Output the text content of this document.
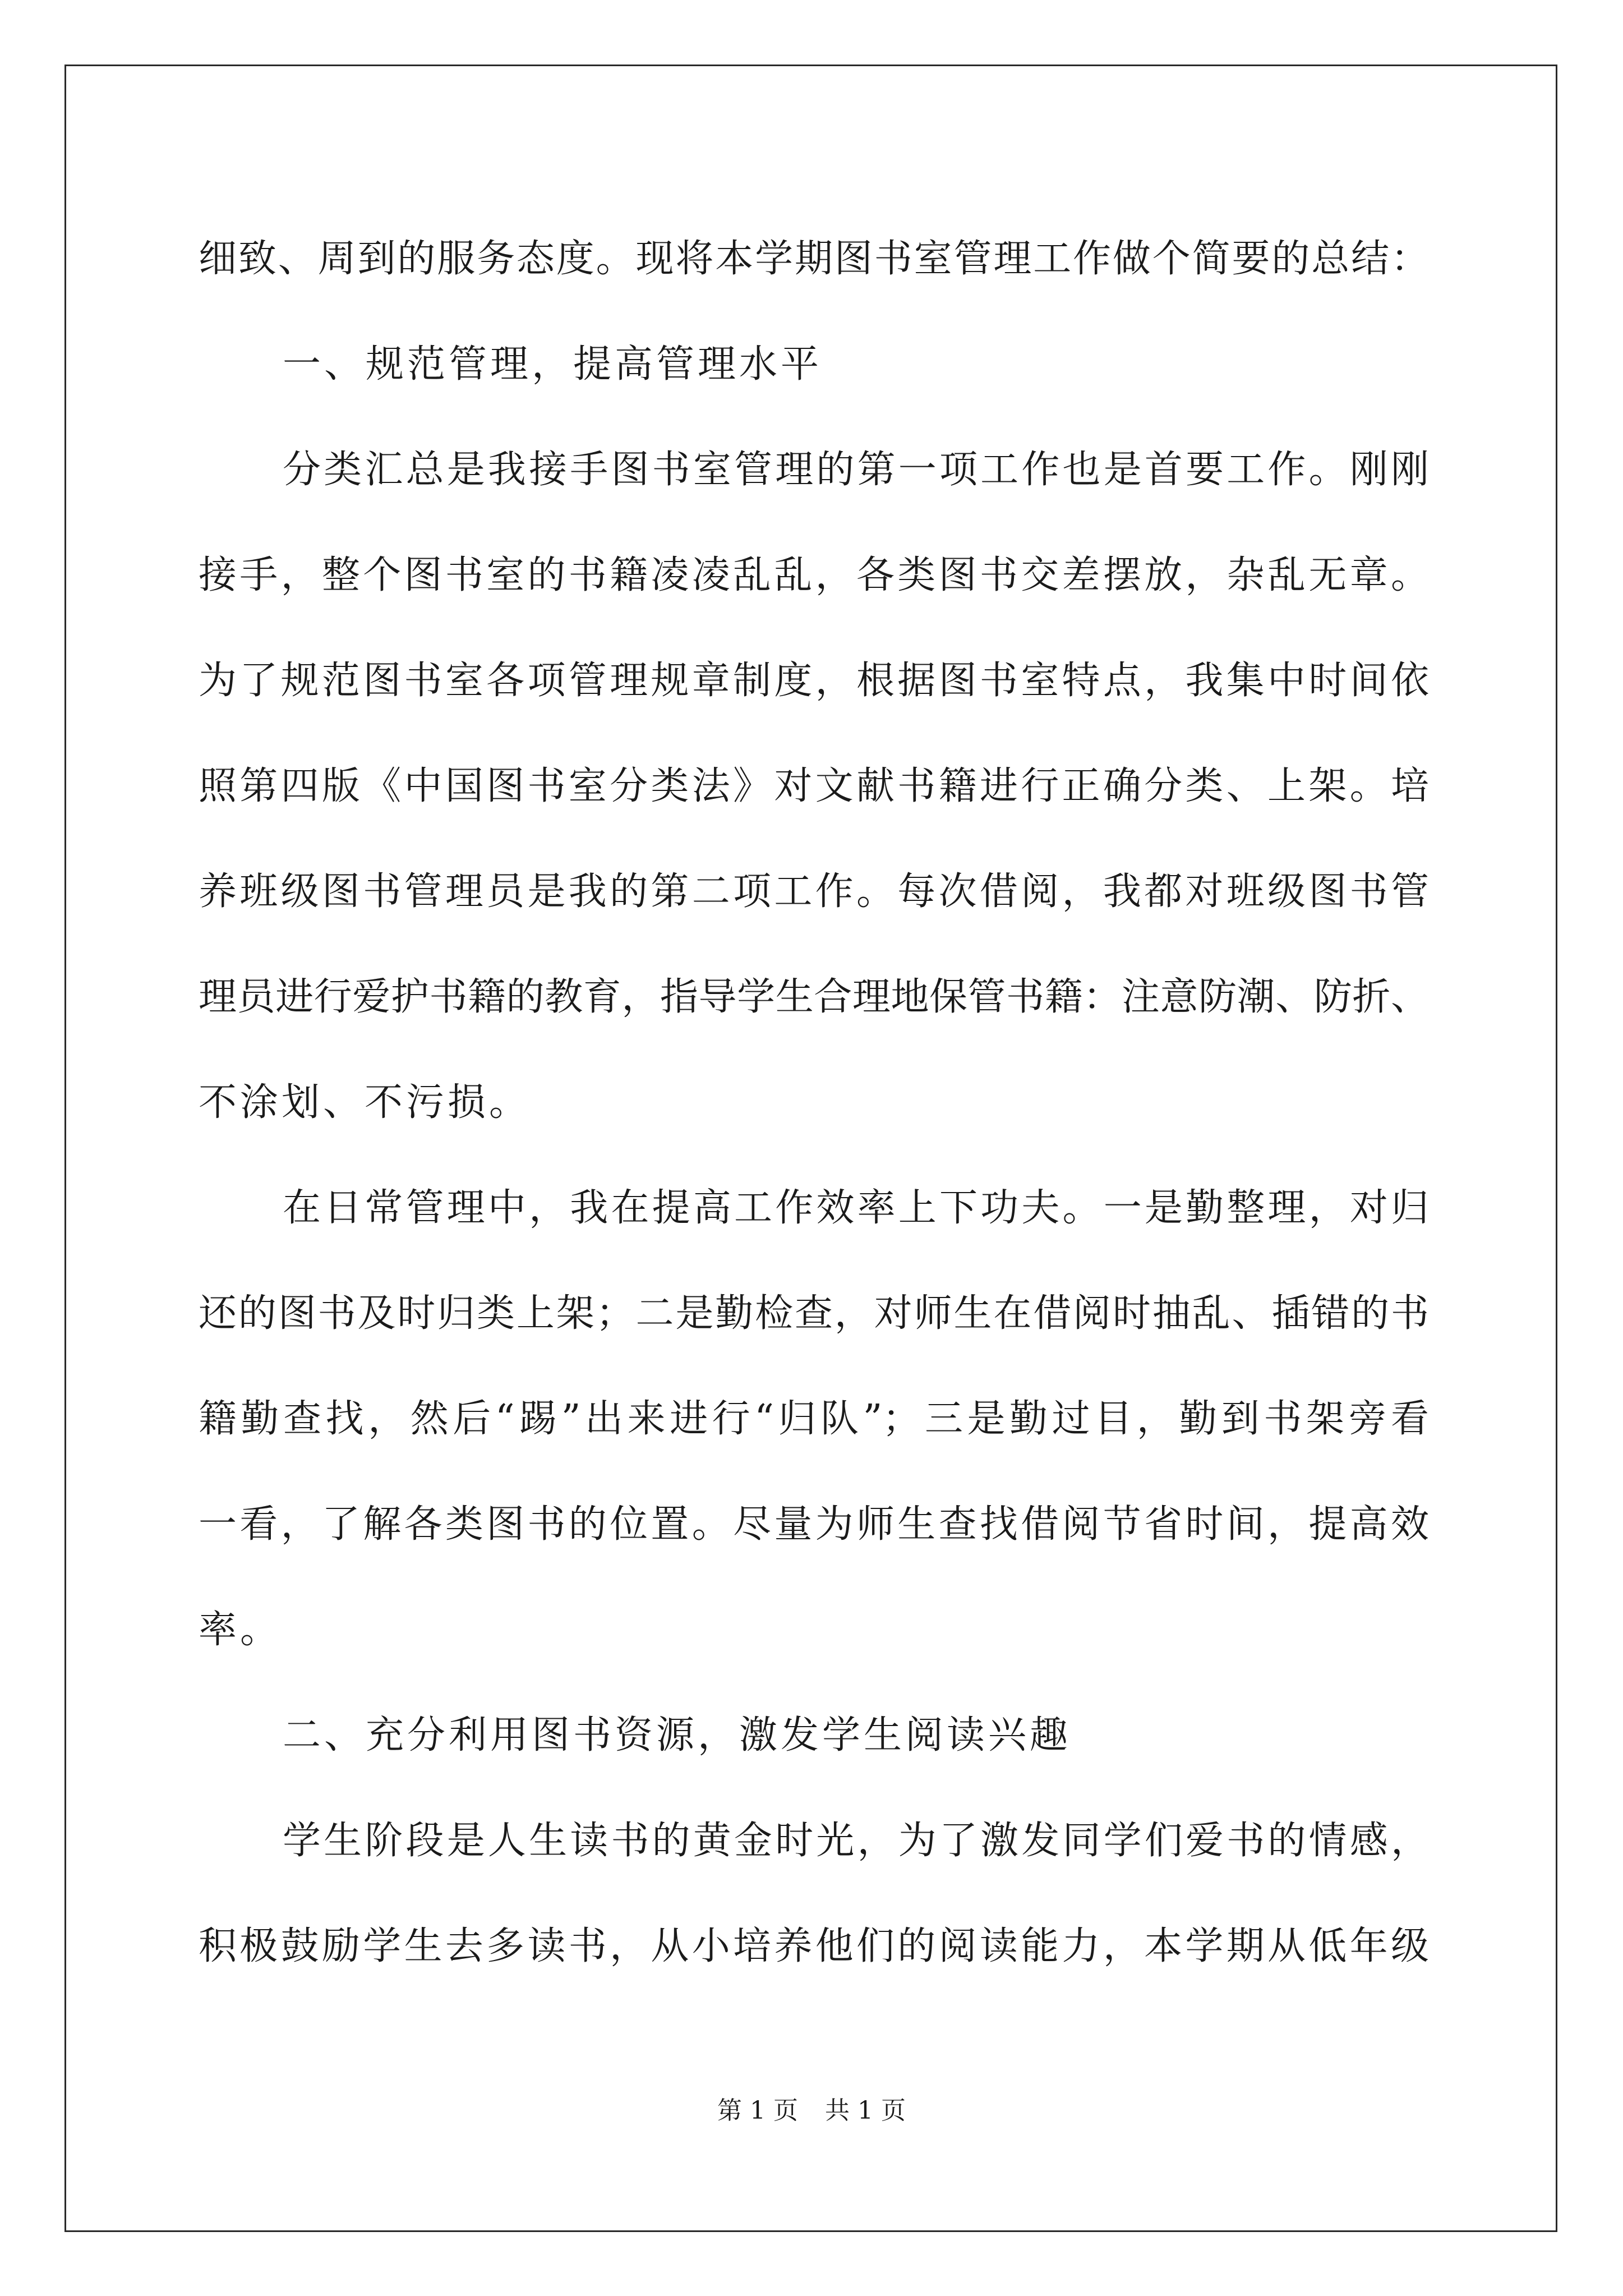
细致、周到的服务态度。现将本学期图书室管理工作做个简要的总结：
一、规范管理，提高管理水平
分类汇总是我接手图书室管理的第一项工作也是首要工作。刚刚
接手，整个图书室的书籍凌凌乱乱，各类图书交差摆放，杂乱无章。
为了规范图书室各项管理规章制度，根据图书室特点，我集中时间依
照第四版《中国图书室分类法》对文献书籍进行正确分类、上架。培
养班级图书管理员是我的第二项工作。每次借阅，我都对班级图书管
理员进行爱护书籍的教育，指导学生合理地保管书籍：注意防潮、防折、
不涂划、不污损。
在日常管理中，我在提高工作效率上下功夫。一是勤整理，对归
还的图书及时归类上架；二是勤检查，对师生在借阅时抽乱、插错的书
籍勤查找，然后“踢”出来进行“归队”；三是勤过目，勤到书架旁看
一看，了解各类图书的位置。尽量为师生查找借阅节省时间，提高效
率。
二、充分利用图书资源，激发学生阅读兴趣
学生阶段是人生读书的黄金时光，为了激发同学们爱书的情感，
积极鼓励学生去多读书，从小培养他们的阅读能力，本学期从低年级
第 1 页 共 1 页
